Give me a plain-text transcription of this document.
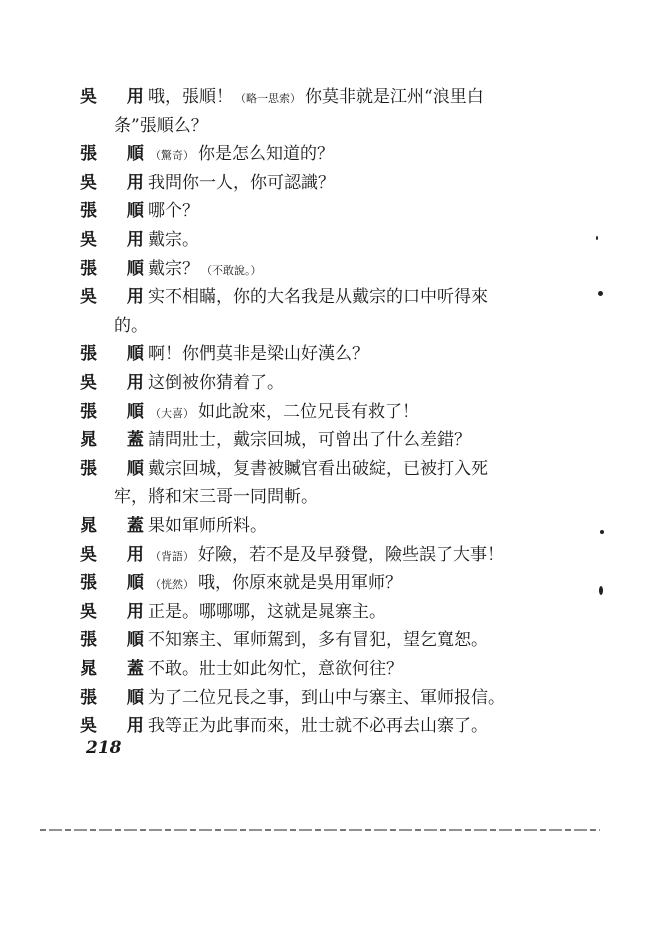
吳 用
哦，張順！ （略一思索） 你莫非就是江州“浪里白
条”張順么？
張 順
（驚奇） 你是怎么知道的？
吳 用
我問你一人，你可認識？
張 順
哪个？
吳 用
戴宗。
張 順
戴宗？ （不敢說。）
吳 用
实不相瞞，你的大名我是从戴宗的口中听得來
的。
張 順
啊！你們莫非是梁山好漢么？
吳 用
这倒被你猜着了。
張 順
（大喜） 如此說來，二位兄長有救了！
晁 蓋
請問壯士，戴宗回城，可曾出了什么差錯？
張 順
戴宗回城，复書被贓官看出破綻，已被打入死
牢，將和宋三哥一同問斬。
晁 蓋
果如軍师所料。
吳 用
（背語） 好險，若不是及早發覺，險些誤了大事！
張 順
（恍然） 哦，你原來就是吳用軍师？
吳 用
正是。哪哪哪，这就是晁寨主。
張 順
不知寨主、軍师駕到，多有冒犯，望乞寬恕。
晁 蓋
不敢。壯士如此匆忙，意欲何往？
張 順
为了二位兄長之事，到山中与寨主、軍师报信。
吳 用
我等正为此事而來，壯士就不必再去山寨了。
218
